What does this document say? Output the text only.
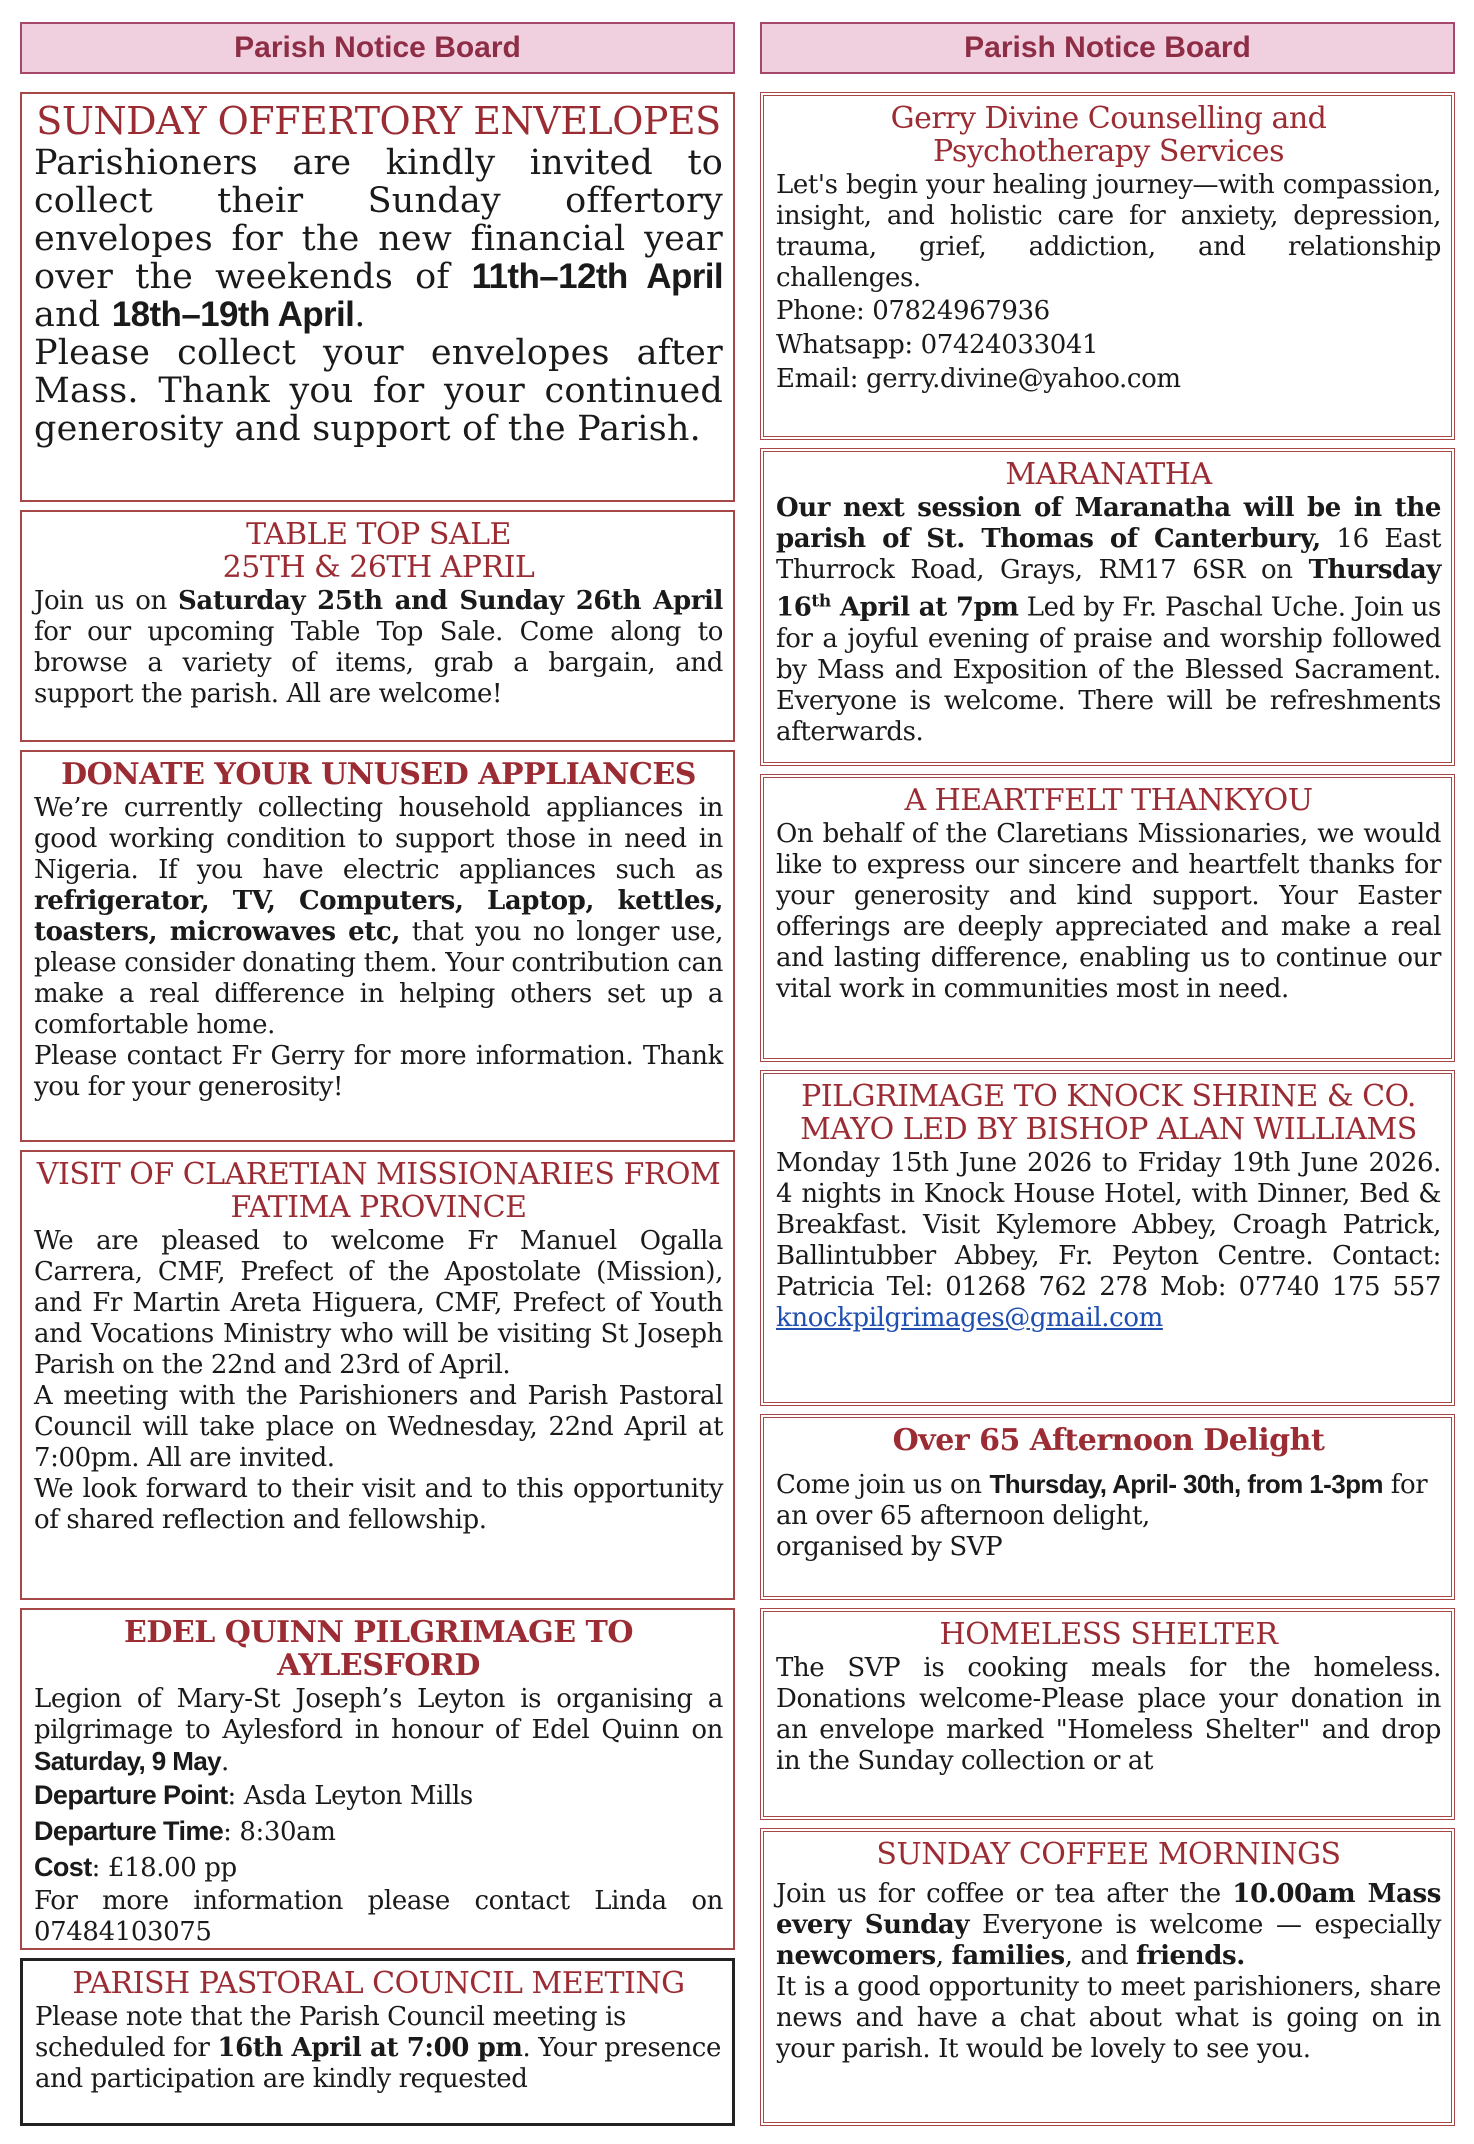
Parish Notice Board
SUNDAY OFFERTORY ENVELOPES

Parishioners are kindly invited to collect their Sunday offertory envelopes for the new financial year over the weekends of 11th–12th April and 18th–19th April.

Please collect your envelopes after Mass. Thank you for your continued generosity and support of the Parish.

TABLE TOP SALE
25TH & 26TH APRIL

Join us on Saturday 25th and Sunday 26th April for our upcoming Table Top Sale. Come along to browse a variety of items, grab a bargain, and support the parish. All are welcome!

DONATE YOUR UNUSED APPLIANCES

We’re currently collecting household appliances in good working condition to support those in need in Nigeria. If you have electric appliances such as refrigerator, TV, Computers, Laptop, kettles, toasters, microwaves etc, that you no longer use, please consider donating them. Your contribution can make a real difference in helping others set up a comfortable home.

Please contact Fr Gerry for more information. Thank you for your generosity!

VISIT OF CLARETIAN MISSIONARIES FROM
FATIMA PROVINCE

We are pleased to welcome Fr Manuel Ogalla Carrera, CMF, Prefect of the Apostolate (Mission), and Fr Martin Areta Higuera, CMF, Prefect of Youth and Vocations Ministry who will be visiting St Joseph Parish on the 22nd and 23rd of April.

A meeting with the Parishioners and Parish Pastoral Council will take place on Wednesday, 22nd April at 7:00pm. All are invited.

We look forward to their visit and to this opportunity of shared reflection and fellowship.

EDEL QUINN PILGRIMAGE TO AYLESFORD

Legion of Mary-St Joseph’s Leyton is organising a pilgrimage to Aylesford in honour of Edel Quinn on Saturday, 9 May.

Departure Point: Asda Leyton Mills

Departure Time: 8:30am

Cost: £18.00 pp

For more information please contact Linda on 07484103075

PARISH PASTORAL COUNCIL MEETING

Please note that the Parish Council meeting is scheduled for 16th April at 7:00 pm. Your presence and participation are kindly requested

Parish Notice Board
Gerry Divine Counselling and
Psychotherapy Services

Let's begin your healing journey—with compassion, insight, and holistic care for anxiety, depression, trauma, grief, addiction, and relationship challenges.

Phone: 07824967936

Whatsapp: 07424033041

Email: gerry.divine@yahoo.com

MARANATHA

Our next session of Maranatha will be in the parish of St. Thomas of Canterbury, 16 East Thurrock Road, Grays, RM17 6SR on Thursday 16th April at 7pm Led by Fr. Paschal Uche. Join us for a joyful evening of praise and worship followed by Mass and Exposition of the Blessed Sacrament. Everyone is welcome. There will be refreshments afterwards.

A HEARTFELT THANKYOU

On behalf of the Claretians Missionaries, we would like to express our sincere and heartfelt thanks for your generosity and kind support. Your Easter offerings are deeply appreciated and make a real and lasting difference, enabling us to continue our vital work in communities most in need.

PILGRIMAGE TO KNOCK SHRINE & CO.
MAYO LED BY BISHOP ALAN WILLIAMS

Monday 15th June 2026 to Friday 19th June 2026. 4 nights in Knock House Hotel, with Dinner, Bed & Breakfast. Visit Kylemore Abbey, Croagh Patrick, Ballintubber Abbey, Fr. Peyton Centre. Contact: Patricia Tel: 01268 762 278 Mob: 07740 175 557 knockpilgrimages@gmail.com

Over 65 Afternoon Delight

Come join us on Thursday, April- 30th, from 1-3pm for an over 65 afternoon delight,

organised by SVP

HOMELESS SHELTER

The SVP is cooking meals for the homeless. Donations welcome-Please place your donation in an envelope marked "Homeless Shelter" and drop in the Sunday collection or at

SUNDAY COFFEE MORNINGS

Join us for coffee or tea after the 10.00am Mass every Sunday Everyone is welcome — especially newcomers, families, and friends.

It is a good opportunity to meet parishioners, share news and have a chat about what is going on in your parish. It would be lovely to see you.
